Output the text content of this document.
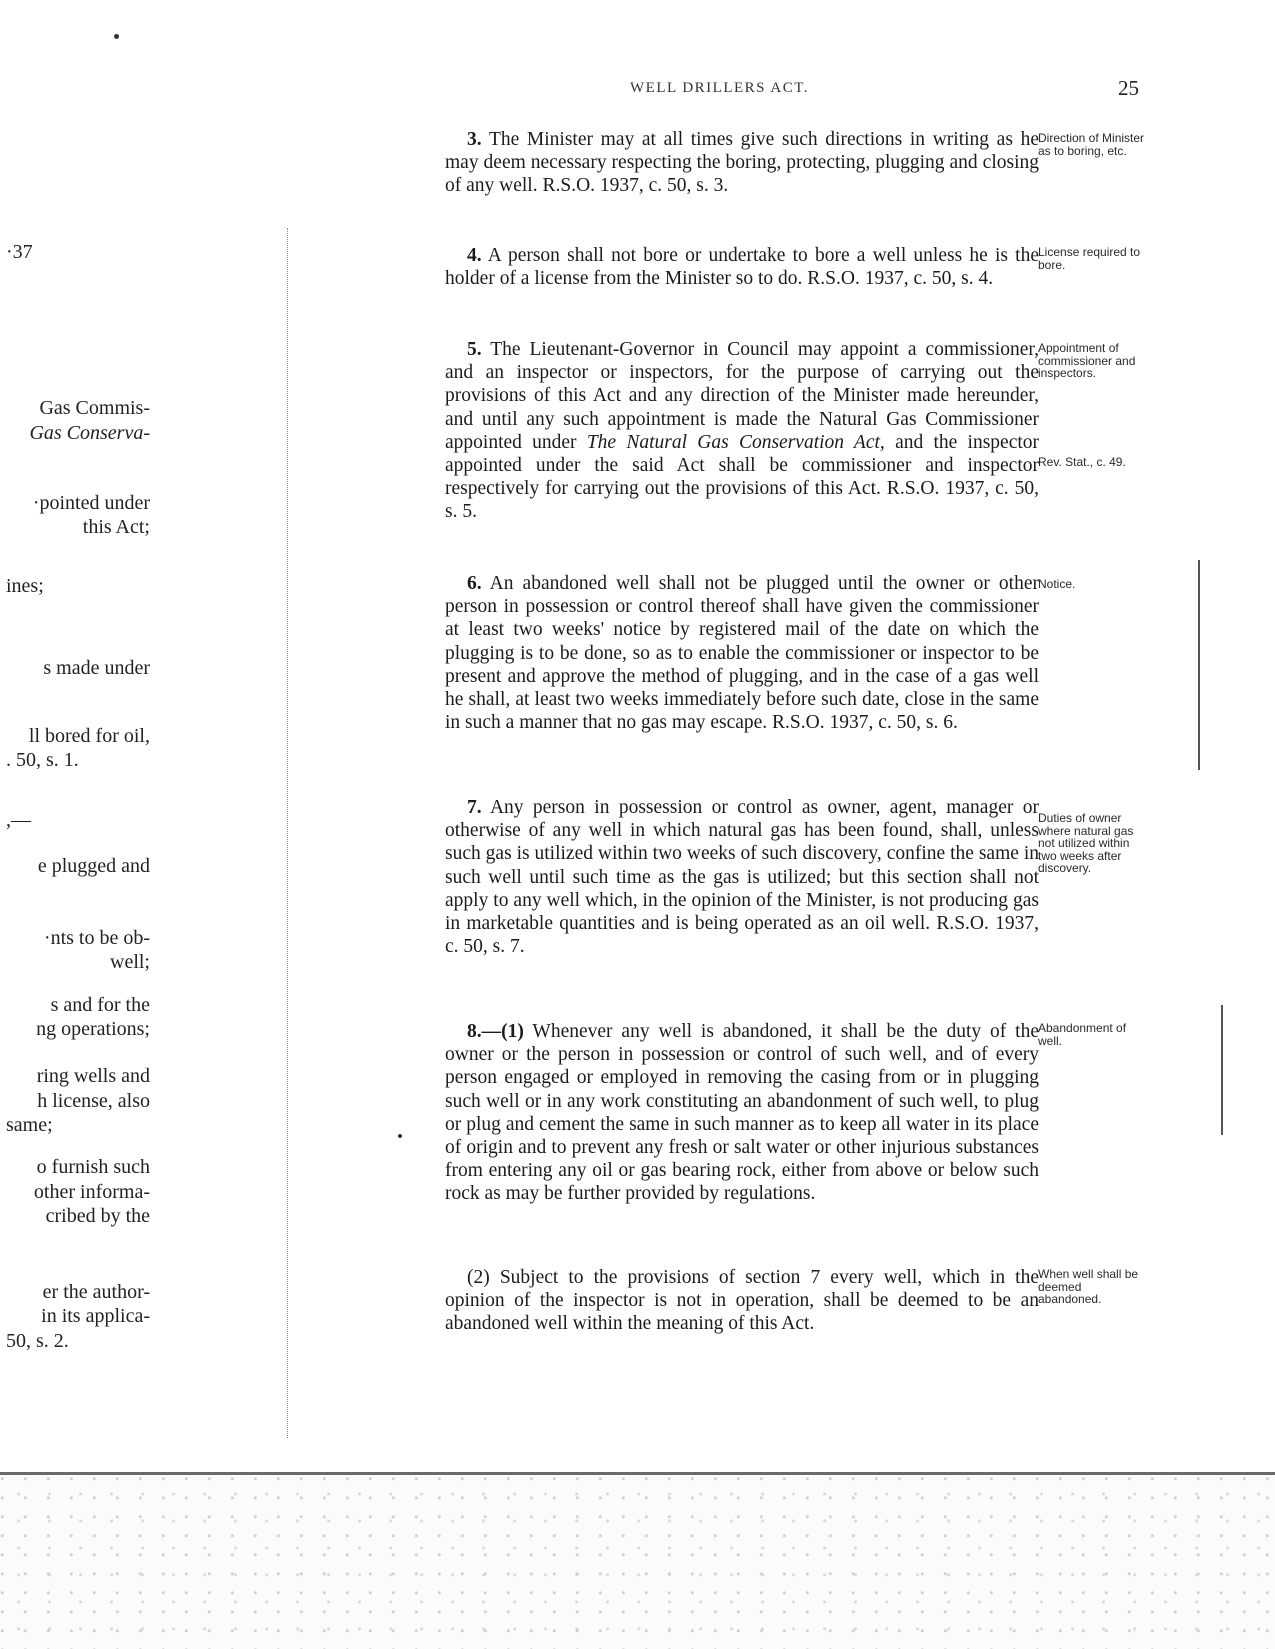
·37

Gas Commis-

Gas Conserva-

·pointed under

this Act;

ines;

s made under

ll bored for oil,

. 50, s. 1.

,—

e plugged and

·nts to be ob-

well;

s and for the

ng operations;

ring wells and

h license, also

same;

o furnish such

other informa-

cribed by the

er the author-

in its applica-

50, s. 2.

WELL DRILLERS ACT.	25

3. The Minister may at all times give such directions in writing as he may deem necessary respecting the boring, protecting, plugging and closing of any well. R.S.O. 1937, c. 50, s. 3.

4. A person shall not bore or undertake to bore a well unless he is the holder of a license from the Minister so to do. R.S.O. 1937, c. 50, s. 4.

5. The Lieutenant-Governor in Council may appoint a commissioner, and an inspector or inspectors, for the purpose of carrying out the provisions of this Act and any direction of the Minister made hereunder, and until any such appointment is made the Natural Gas Commissioner appointed under The Natural Gas Conservation Act, and the inspector appointed under the said Act shall be commissioner and inspector respectively for carrying out the provisions of this Act. R.S.O. 1937, c. 50, s. 5.

6. An abandoned well shall not be plugged until the owner or other person in possession or control thereof shall have given the commissioner at least two weeks' notice by registered mail of the date on which the plugging is to be done, so as to enable the commissioner or inspector to be present and approve the method of plugging, and in the case of a gas well he shall, at least two weeks immediately before such date, close in the same in such a manner that no gas may escape. R.S.O. 1937, c. 50, s. 6.

7. Any person in possession or control as owner, agent, manager or otherwise of any well in which natural gas has been found, shall, unless such gas is utilized within two weeks of such discovery, confine the same in such well until such time as the gas is utilized; but this section shall not apply to any well which, in the opinion of the Minister, is not producing gas in marketable quantities and is being operated as an oil well. R.S.O. 1937, c. 50, s. 7.

8.—(1) Whenever any well is abandoned, it shall be the duty of the owner or the person in possession or control of such well, and of every person engaged or employed in removing the casing from or in plugging such well or in any work constituting an abandonment of such well, to plug or plug and cement the same in such manner as to keep all water in its place of origin and to prevent any fresh or salt water or other injurious substances from entering any oil or gas bearing rock, either from above or below such rock as may be further provided by regulations.

(2) Subject to the provisions of section 7 every well, which in the opinion of the inspector is not in operation, shall be deemed to be an abandoned well within the meaning of this Act.

Direction of Minister as to boring, etc.

License required to bore.

Appointment of commissioner and inspectors.

Rev. Stat., c. 49.

Notice.

Duties of owner where natural gas not utilized within two weeks after discovery.

Abandonment of well.

When well shall be deemed abandoned.
